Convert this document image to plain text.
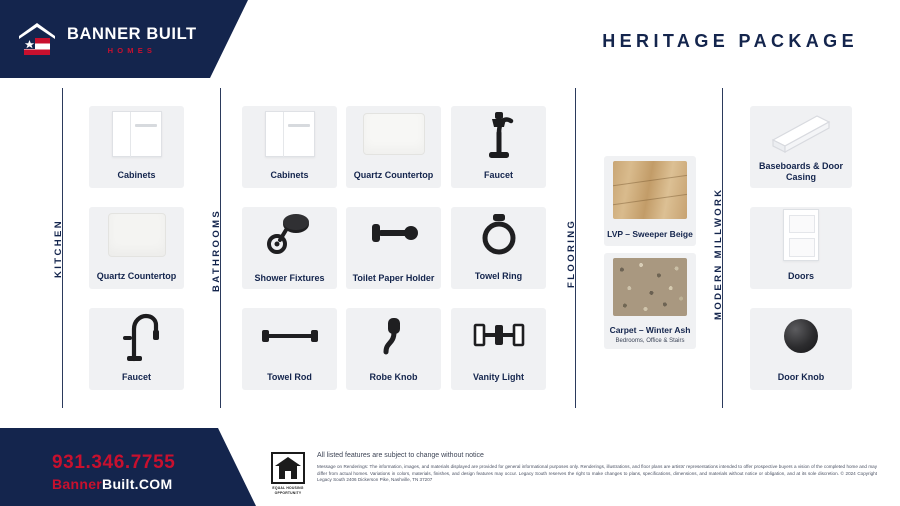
BANNER BUILT
HOMES	HERITAGE PACKAGE
KITCHEN
Cabinets
Quartz Countertop
Faucet
BATHROOMS
Cabinets	Quartz Countertop	Faucet
Shower Fixtures	Toilet Paper Holder	Towel Ring
Towel Rod	Robe Knob	Vanity Light
FLOORING	LVP – Sweeper Beige
Carpet – Winter Ash
Bedrooms, Office & Stairs
MODERN MILLWORK
Baseboards & Door Casing
Doors
Door Knob
931.346.7755
BannerBuilt.COM	EQUAL HOUSING OPPORTUNITY
All listed features are subject to change without notice
Message on Renderings: The information, images, and materials displayed are provided for general informational purposes only. Renderings, illustrations, and floor plans are artists' representations intended to offer prospective buyers a vision of the completed home and may differ from actual homes. Variations in colors, materials, finishes, and design features may occur. Legacy South reserves the right to make changes to plans, specifications, dimensions, and materials without notice or obligation, and at its sole discretion. © 2024 Copyright Legacy South 2406 Dickerson Pike, Nashville, TN 37207
